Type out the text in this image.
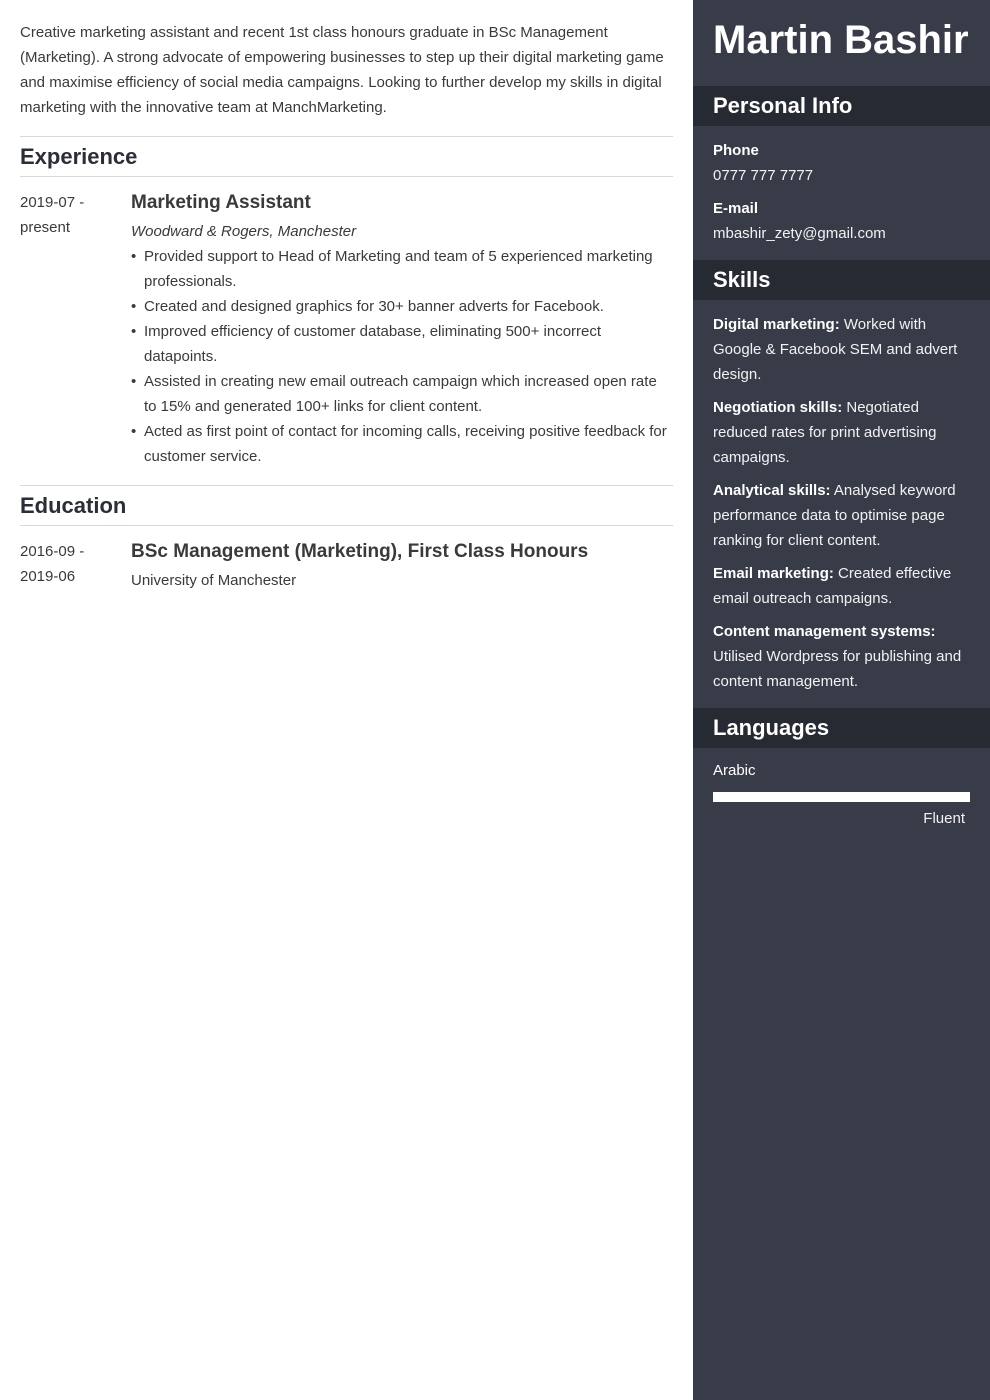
Creative marketing assistant and recent 1st class honours graduate in BSc Management (Marketing). A strong advocate of empowering businesses to step up their digital marketing game and maximise efficiency of social media campaigns. Looking to further develop my skills in digital marketing with the innovative team at ManchMarketing.

Experience
2019-07 -
present
Marketing Assistant
Woodward & Rogers, Manchester
• Provided support to Head of Marketing and team of 5 experienced marketing professionals.
• Created and designed graphics for 30+ banner adverts for Facebook.
• Improved efficiency of customer database, eliminating 500+ incorrect datapoints.
• Assisted in creating new email outreach campaign which increased open rate to 15% and generated 100+ links for client content.
• Acted as first point of contact for incoming calls, receiving positive feedback for customer service.
Education
2016-09 -
2019-06
BSc Management (Marketing), First Class Honours
University of Manchester
Martin Bashir
Personal Info
Phone
0777 777 7777
E-mail
mbashir_zety@gmail.com
Skills
Digital marketing: Worked with Google & Facebook SEM and advert design.
Negotiation skills: Negotiated reduced rates for print advertising campaigns.
Analytical skills: Analysed keyword performance data to optimise page ranking for client content.
Email marketing: Created effective email outreach campaigns.
Content management systems:
Utilised Wordpress for publishing and content management.
Languages
Arabic
Fluent
